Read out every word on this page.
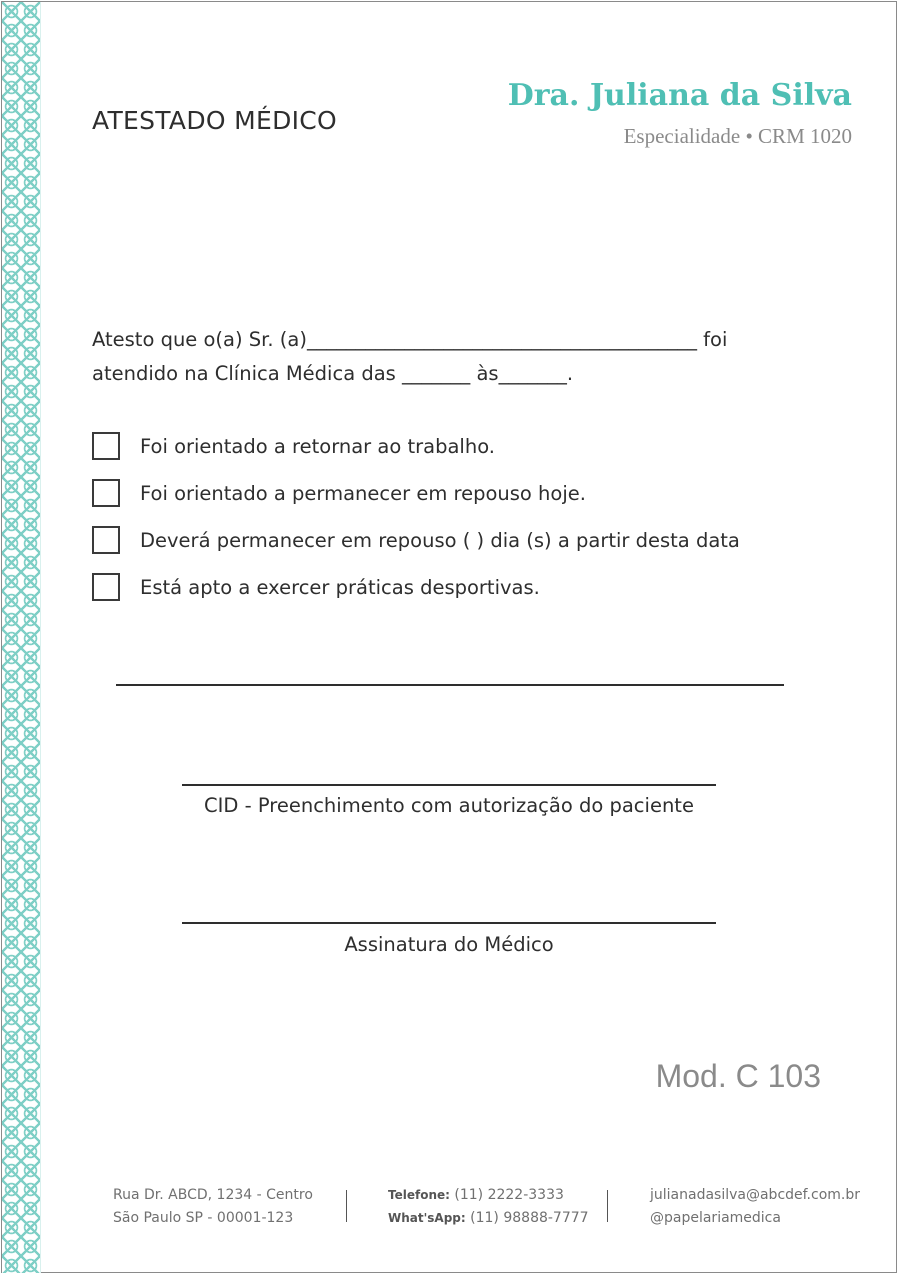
ATESTADO MÉDICO
Dra. Juliana da Silva

Especialidade • CRM 1020

Atesto que o(a) Sr. (a)________________________________________ foi
atendido na Clínica Médica das _______ às_______.
Foi orientado a retornar ao trabalho.
Foi orientado a permanecer em repouso hoje.
Deverá permanecer em repouso ( ) dia (s) a partir desta data
Está apto a exercer práticas desportivas.
CID - Preenchimento com autorização do paciente
Assinatura do Médico
Mod. C 103
Rua Dr. ABCD, 1234 - Centro
São Paulo SP - 00001-123
Telefone: (11) 2222-3333
What'sApp: (11) 98888-7777
julianadasilva@abcdef.com.br
@papelariamedica
